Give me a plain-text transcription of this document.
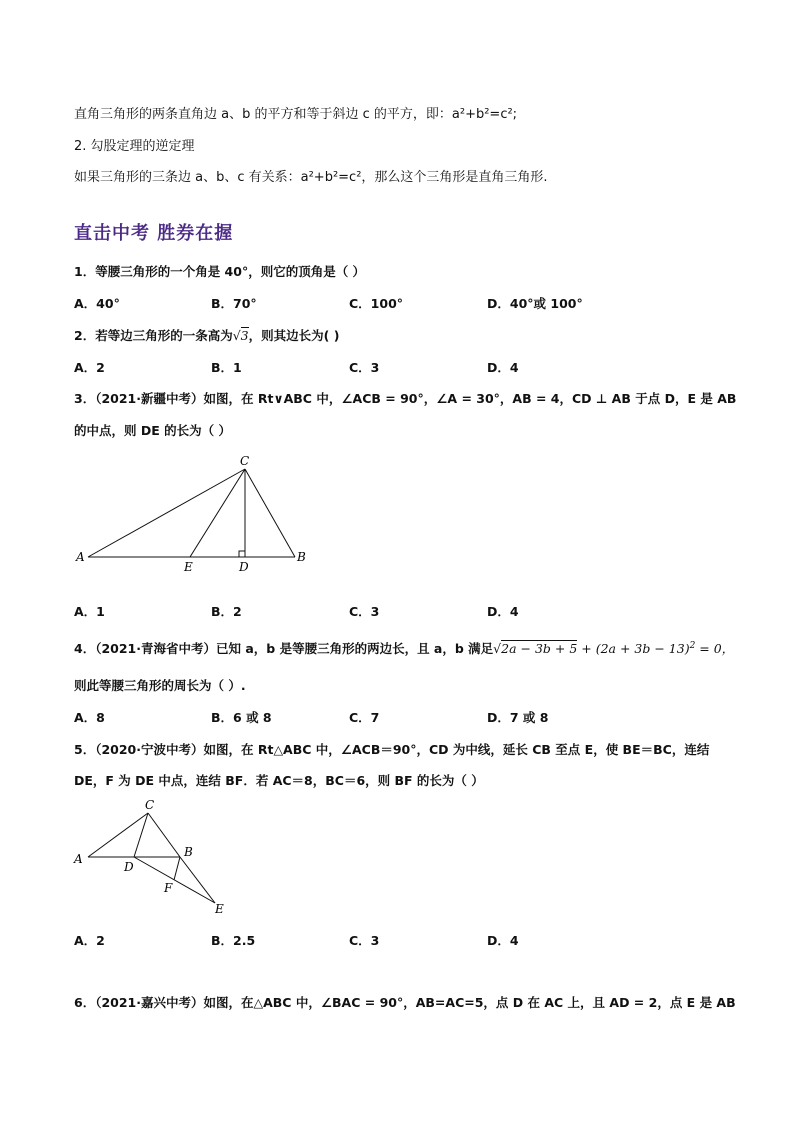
直角三角形的两条直角边 a、b 的平方和等于斜边 c 的平方，即：a²+b²=c²;
2. 勾股定理的逆定理
如果三角形的三条边 a、b、c 有关系：a²+b²=c²，那么这个三角形是直角三角形.
直击中考 胜券在握
1．等腰三角形的一个角是 40°，则它的顶角是（ ）
A．40°	B．70°	C．100°	D．40°或 100°
2．若等边三角形的一条高为√3，则其边长为( )
A．2	B．1	C．3	D．4
3．（2021·新疆中考）如图，在 Rt∨ABC 中，∠ACB = 90°，∠A = 30°，AB = 4，CD ⊥ AB 于点 D，E 是 AB
的中点，则 DE 的长为（ ）
C
A
E	D
B
A．1	B．2	C．3	D．4
4．（2021·青海省中考）已知 a，b 是等腰三角形的两边长，且 a，b 满足$√2a - 3b + 5 + (2a + 3b - 13)^2 = 0$，
则此等腰三角形的周长为（ ）.
A．8	B．6 或 8	C．7	D．7 或 8
5．（2020·宁波中考）如图，在 Rt△ABC 中，∠ACB＝90°，CD 为中线，延长 CB 至点 E，使 BE＝BC，连结
DE，F 为 DE 中点，连结 BF．若 AC＝8，BC＝6，则 BF 的长为（ ）
C
A
D
B
F
E
A．2	B．2.5	C．3	D．4
6．（2021·嘉兴中考）如图，在△ABC 中，∠BAC = 90°，AB=AC=5，点 D 在 AC 上，且 AD = 2，点 E 是 AB
